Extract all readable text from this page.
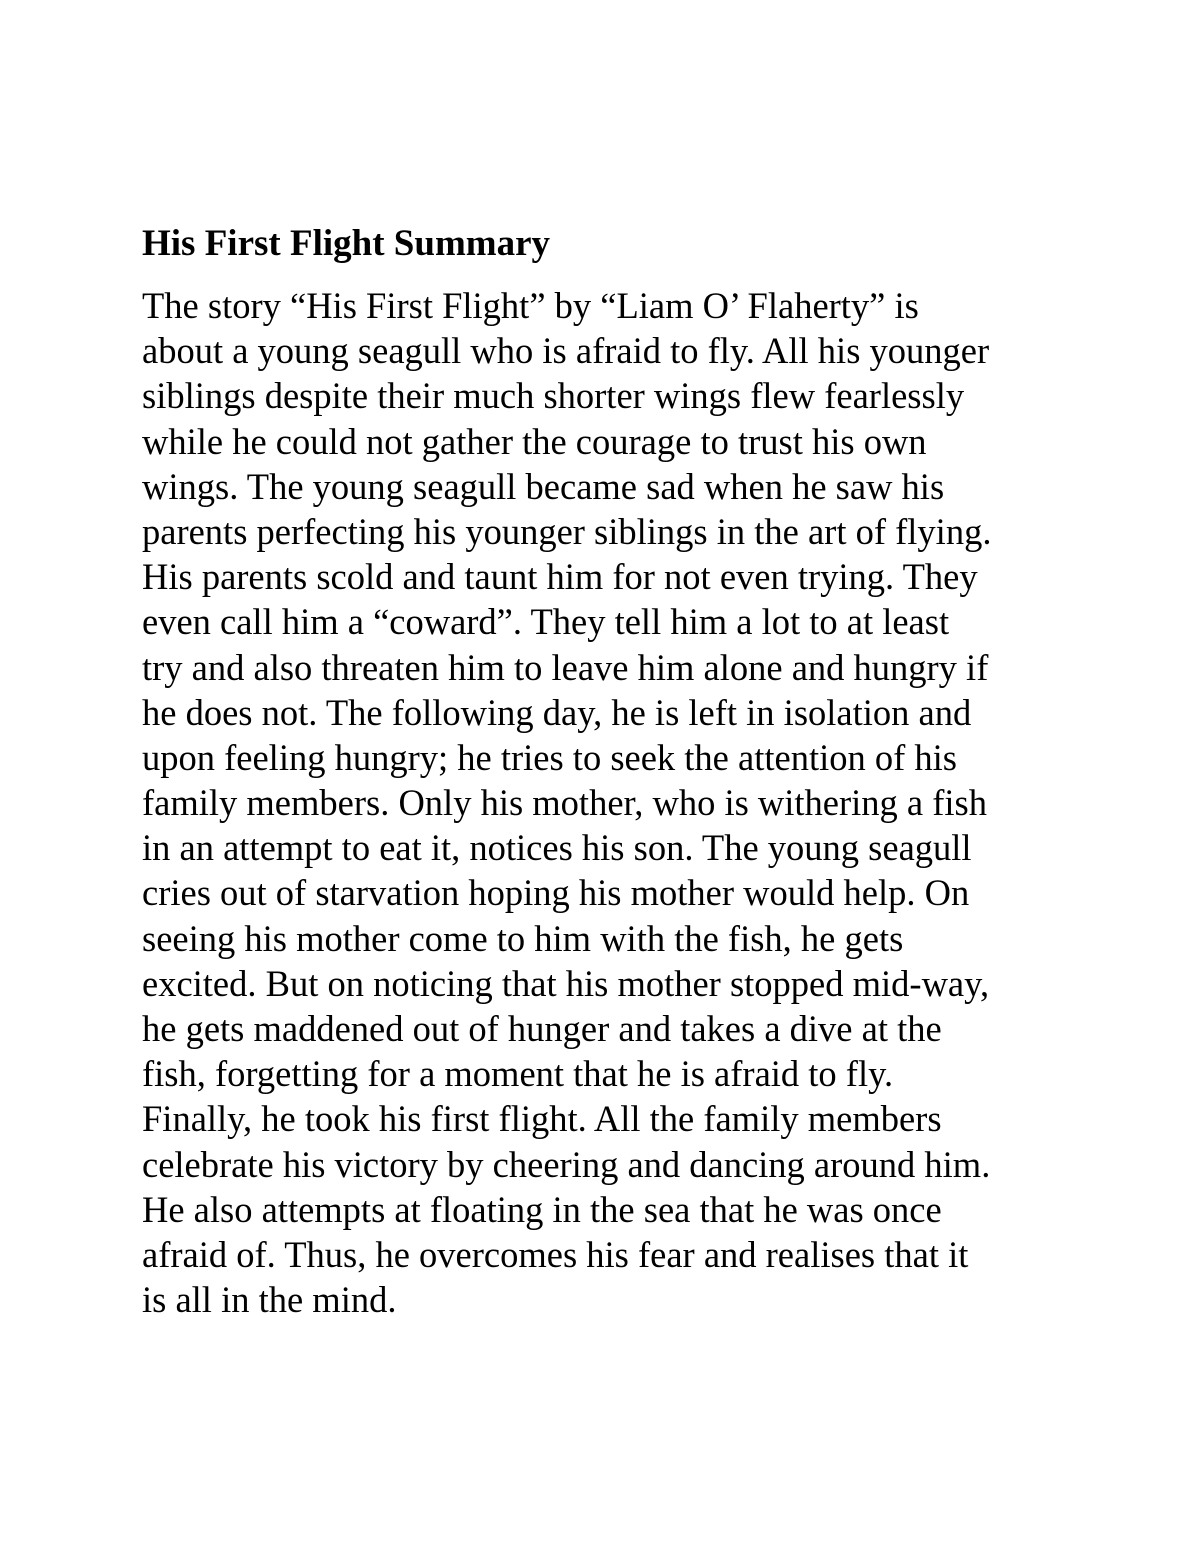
His First Flight Summary
The story “His First Flight” by “Liam O’ Flaherty” is
about a young seagull who is afraid to fly. All his younger
siblings despite their much shorter wings flew fearlessly
while he could not gather the courage to trust his own
wings. The young seagull became sad when he saw his
parents perfecting his younger siblings in the art of flying.
His parents scold and taunt him for not even trying. They
even call him a “coward”. They tell him a lot to at least
try and also threaten him to leave him alone and hungry if
he does not. The following day, he is left in isolation and
upon feeling hungry; he tries to seek the attention of his
family members. Only his mother, who is withering a fish
in an attempt to eat it, notices his son. The young seagull
cries out of starvation hoping his mother would help. On
seeing his mother come to him with the fish, he gets
excited. But on noticing that his mother stopped mid-way,
he gets maddened out of hunger and takes a dive at the
fish, forgetting for a moment that he is afraid to fly.
Finally, he took his first flight. All the family members
celebrate his victory by cheering and dancing around him.
He also attempts at floating in the sea that he was once
afraid of. Thus, he overcomes his fear and realises that it
is all in the mind.
